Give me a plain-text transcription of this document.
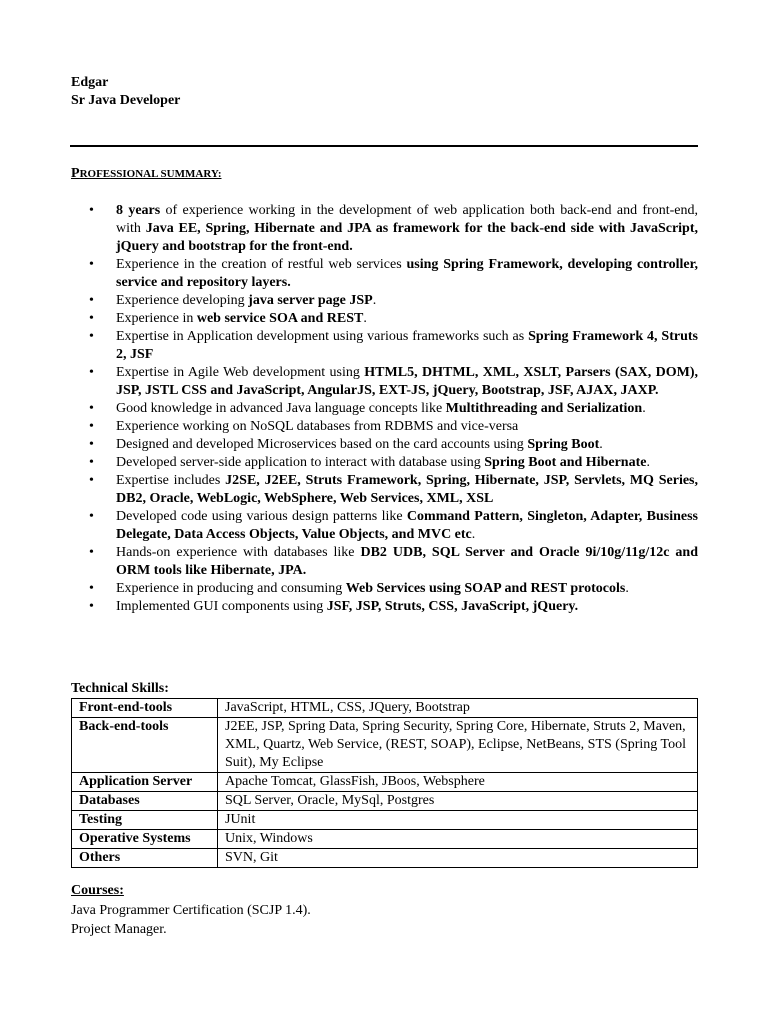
Edgar
Sr Java Developer
PROFESSIONAL SUMMARY:
• 8 years of experience working in the development of web application both back-end and front-end, with Java EE, Spring, Hibernate and JPA as framework for the back-end side with JavaScript, jQuery and bootstrap for the front-end.
• Experience in the creation of restful web services using Spring Framework, developing controller, service and repository layers.
• Experience developing java server page JSP.
• Experience in web service SOA and REST.
• Expertise in Application development using various frameworks such as Spring Framework 4, Struts 2, JSF
• Expertise in Agile Web development using HTML5, DHTML, XML, XSLT, Parsers (SAX, DOM), JSP, JSTL CSS and JavaScript, AngularJS, EXT-JS, jQuery, Bootstrap, JSF, AJAX, JAXP.
• Good knowledge in advanced Java language concepts like Multithreading and Serialization.
• Experience working on NoSQL databases from RDBMS and vice-versa
• Designed and developed Microservices based on the card accounts using Spring Boot.
• Developed server-side application to interact with database using Spring Boot and Hibernate.
• Expertise includes J2SE, J2EE, Struts Framework, Spring, Hibernate, JSP, Servlets, MQ Series, DB2, Oracle, WebLogic, WebSphere, Web Services, XML, XSL
• Developed code using various design patterns like Command Pattern, Singleton, Adapter, Business Delegate, Data Access Objects, Value Objects, and MVC etc.
• Hands-on experience with databases like DB2 UDB, SQL Server and Oracle 9i/10g/11g/12c and ORM tools like Hibernate, JPA.
• Experience in producing and consuming Web Services using SOAP and REST protocols.
• Implemented GUI components using JSF, JSP, Struts, CSS, JavaScript, jQuery.
Technical Skills:
Front-end-tools	JavaScript, HTML, CSS, JQuery, Bootstrap
Back-end-tools	J2EE, JSP, Spring Data, Spring Security, Spring Core, Hibernate, Struts 2, Maven, XML, Quartz, Web Service, (REST, SOAP), Eclipse, NetBeans, STS (Spring Tool Suit), My Eclipse
Application Server	Apache Tomcat, GlassFish, JBoos, Websphere
Databases	SQL Server, Oracle, MySql, Postgres
Testing	JUnit
Operative Systems	Unix, Windows
Others	SVN, Git
Courses:
Java Programmer Certification (SCJP 1.4).
Project Manager.
